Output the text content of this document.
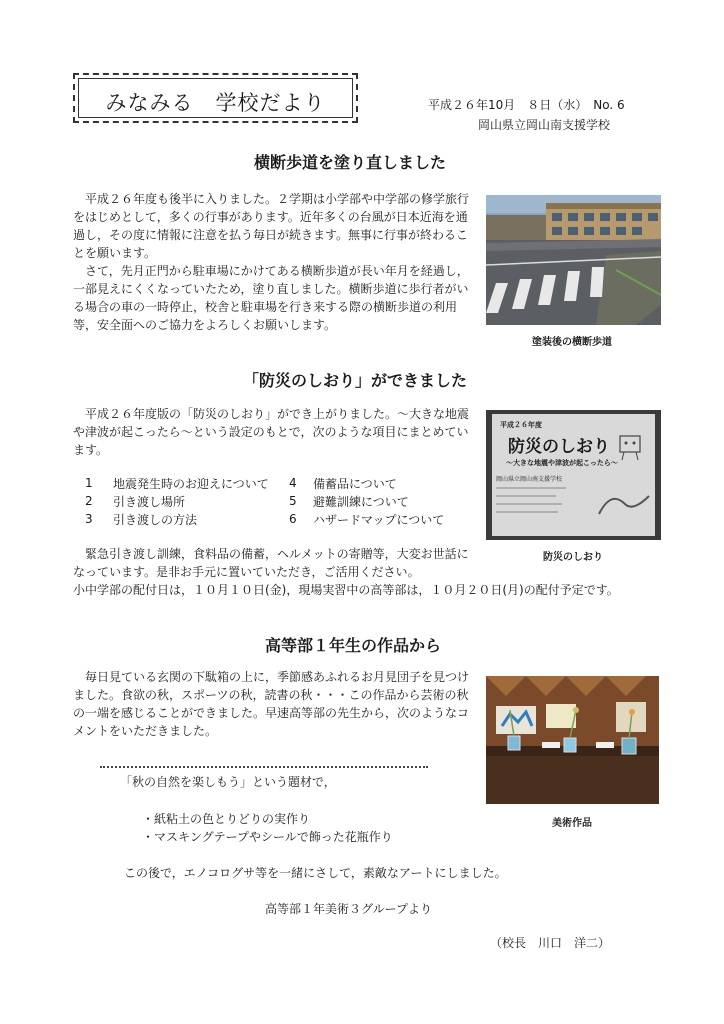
みなみる　学校だより	平成２６年10月　８日（水）　No. 6
岡山県立岡山南支援学校
横断歩道を塗り直しました

　平成２６年度も後半に入りました。２学期は小学部や中学部の修学旅行をはじめとして，多くの行事があります。近年多くの台風が日本近海を通過し，その度に情報に注意を払う毎日が続きます。無事に行事が終わることを願います。

　さて，先月正門から駐車場にかけてある横断歩道が長い年月を経過し，一部見えにくくなっていたため，塗り直しました。横断歩道に歩行者がいる場合の車の一時停止，校舎と駐車場を行き来する際の横断歩道の利用等，安全面へのご協力をよろしくお願いします。

塗装後の横断歩道
「防災のしおり」ができました
　平成２６年度版の「防災のしおり」ができ上がりました。〜大きな地震や津波が起こったら〜という設定のもとで，次のような項目にまとめています。
1	地震発生時のお迎えについて	4	備蓄品について
2	引き渡し場所	5	避難訓練について
3	引き渡しの方法	6	ハザードマップについて
　緊急引き渡し訓練，食料品の備蓄，ヘルメットの寄贈等，大変お世話になっています。是非お手元に置いていただき，ご活用ください。
小中学部の配付日は，１０月１０日(金)，現場実習中の高等部は，１０月２０日(月)の配付予定です。
平成２６年度
防災のしおり
〜大きな地震や津波が起こったら〜
岡山県立岡山南支援学校
防災のしおり
高等部１年生の作品から
　毎日見ている玄関の下駄箱の上に，季節感あふれるお月見団子を見つけました。食欲の秋，スポーツの秋，読書の秋・・・この作品から芸術の秋の一端を感じることができました。早速高等部の先生から，次のようなコメントをいただきました。
美術作品
「秋の自然を楽しもう」という題材で，
・紙粘土の色とりどりの実作り
・マスキングテープやシールで飾った花瓶作り
この後で，エノコログサ等を一緒にさして，素敵なアートにしました。
高等部１年美術３グループより
（校長　川口　洋二）
